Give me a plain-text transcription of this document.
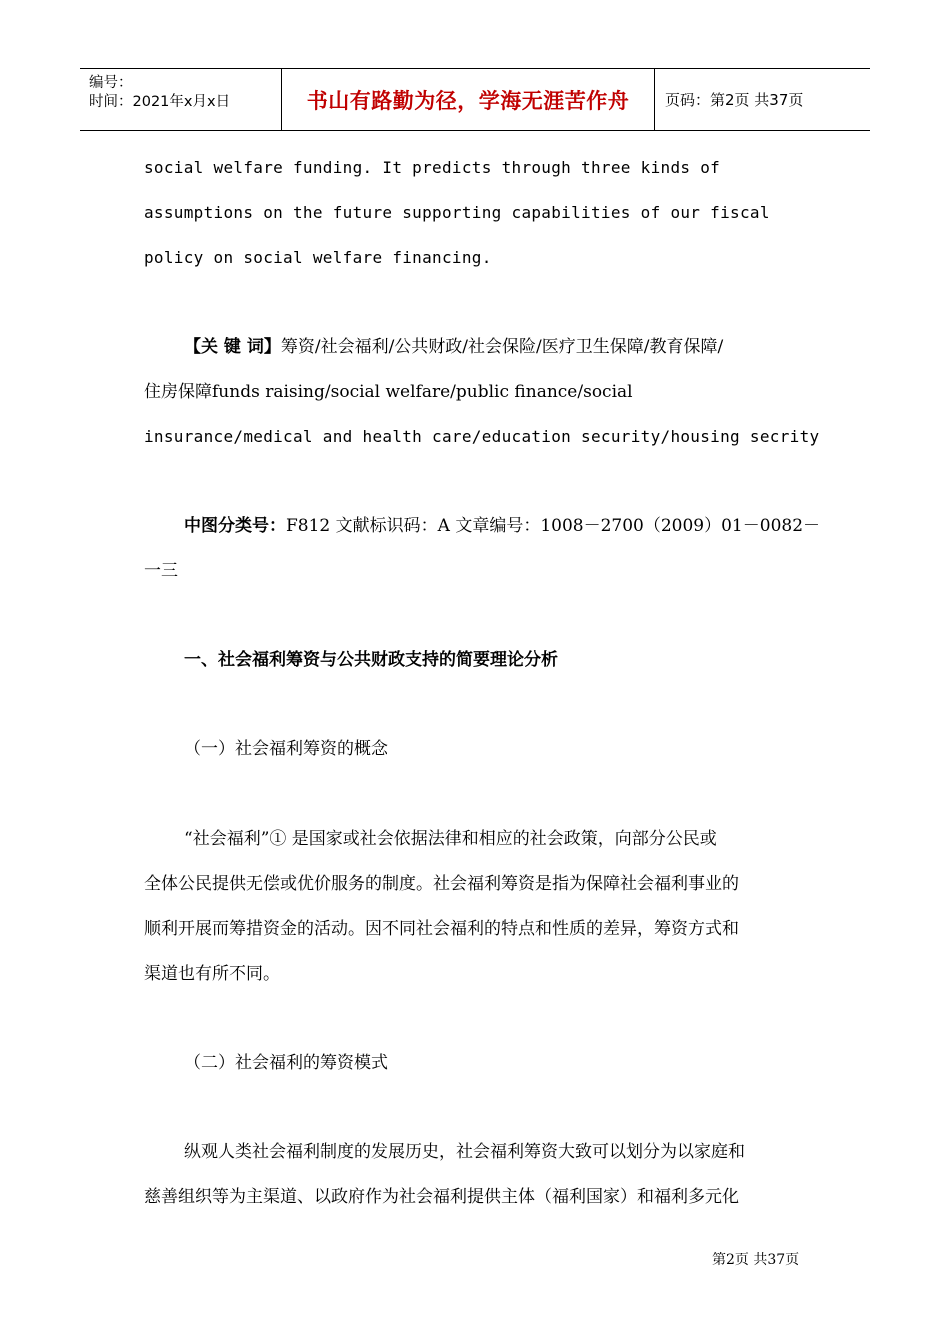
编号：
时间：2021年x月x日	书山有路勤为径，学海无涯苦作舟	页码：第2页 共37页
social welfare funding. It predicts through three kinds of
assumptions on the future supporting capabilities of our fiscal
policy on social welfare financing.
【关 键 词】筹资/社会福利/公共财政/社会保险/医疗卫生保障/教育保障/
住房保障funds raising/social welfare/public finance/social
insurance/medical and health care/education security/housing secrity
中图分类号：F812 文献标识码：A 文章编号：1008－2700（2009）01－0082－
一三
一、社会福利筹资与公共财政支持的简要理论分析
（一）社会福利筹资的概念
“社会福利”① 是国家或社会依据法律和相应的社会政策，向部分公民或
全体公民提供无偿或优价服务的制度。社会福利筹资是指为保障社会福利事业的
顺利开展而筹措资金的活动。因不同社会福利的特点和性质的差异，筹资方式和
渠道也有所不同。
（二）社会福利的筹资模式
纵观人类社会福利制度的发展历史，社会福利筹资大致可以划分为以家庭和
慈善组织等为主渠道、以政府作为社会福利提供主体（福利国家）和福利多元化
第2页 共37页
